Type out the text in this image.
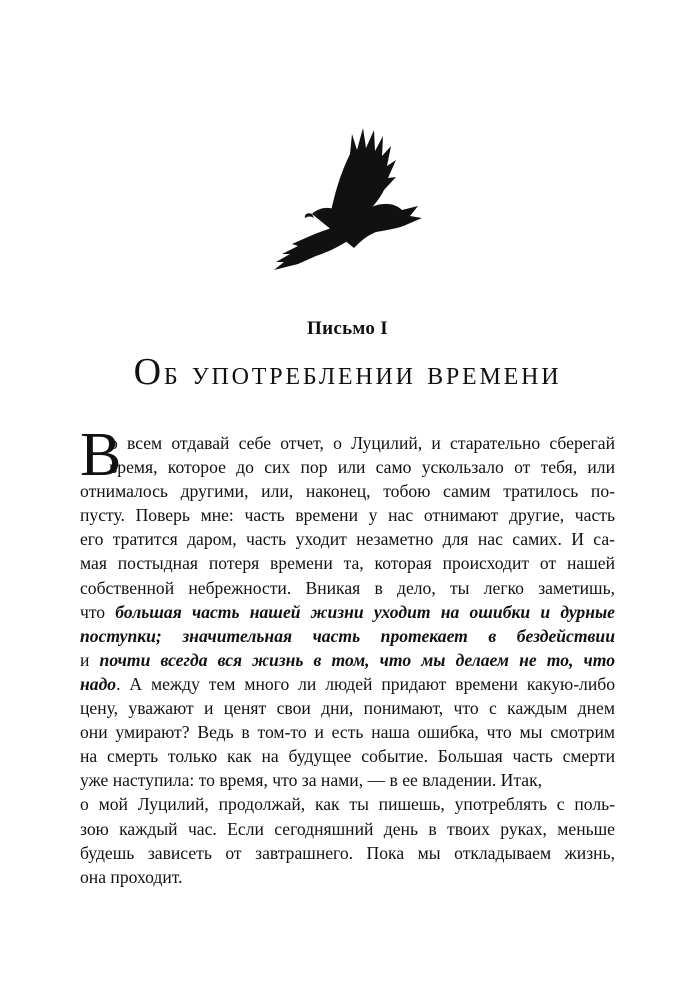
Письмо I
Об употреблении времени
В
о всем отдавай себе отчет, о Луцилий, и старательно сберегай
время, которое до сих пор или само ускользало от тебя, или
отнималось другими, или, наконец, тобою самим тратилось по-
пусту. Поверь мне: часть времени у нас отнимают другие, часть
его тратится даром, часть уходит незаметно для нас самих. И са-
мая постыдная потеря времени та, которая происходит от нашей
собственной небрежности. Вникая в дело, ты легко заметишь,
что большая часть нашей жизни уходит на ошибки и дурные
поступки; значительная часть протекает в бездействии
и почти всегда вся жизнь в том, что мы делаем не то, что
надо. А между тем много ли людей придают времени какую-либо
цену, уважают и ценят свои дни, понимают, что с каждым днем
они умирают? Ведь в том-то и есть наша ошибка, что мы смотрим
на смерть только как на будущее событие. Большая часть смерти
уже наступила: то время, что за нами, — в ее владении. Итак,
о мой Луцилий, продолжай, как ты пишешь, употреблять с поль-
зою каждый час. Если сегодняшний день в твоих руках, меньше
будешь зависеть от завтрашнего. Пока мы откладываем жизнь,
она проходит.
